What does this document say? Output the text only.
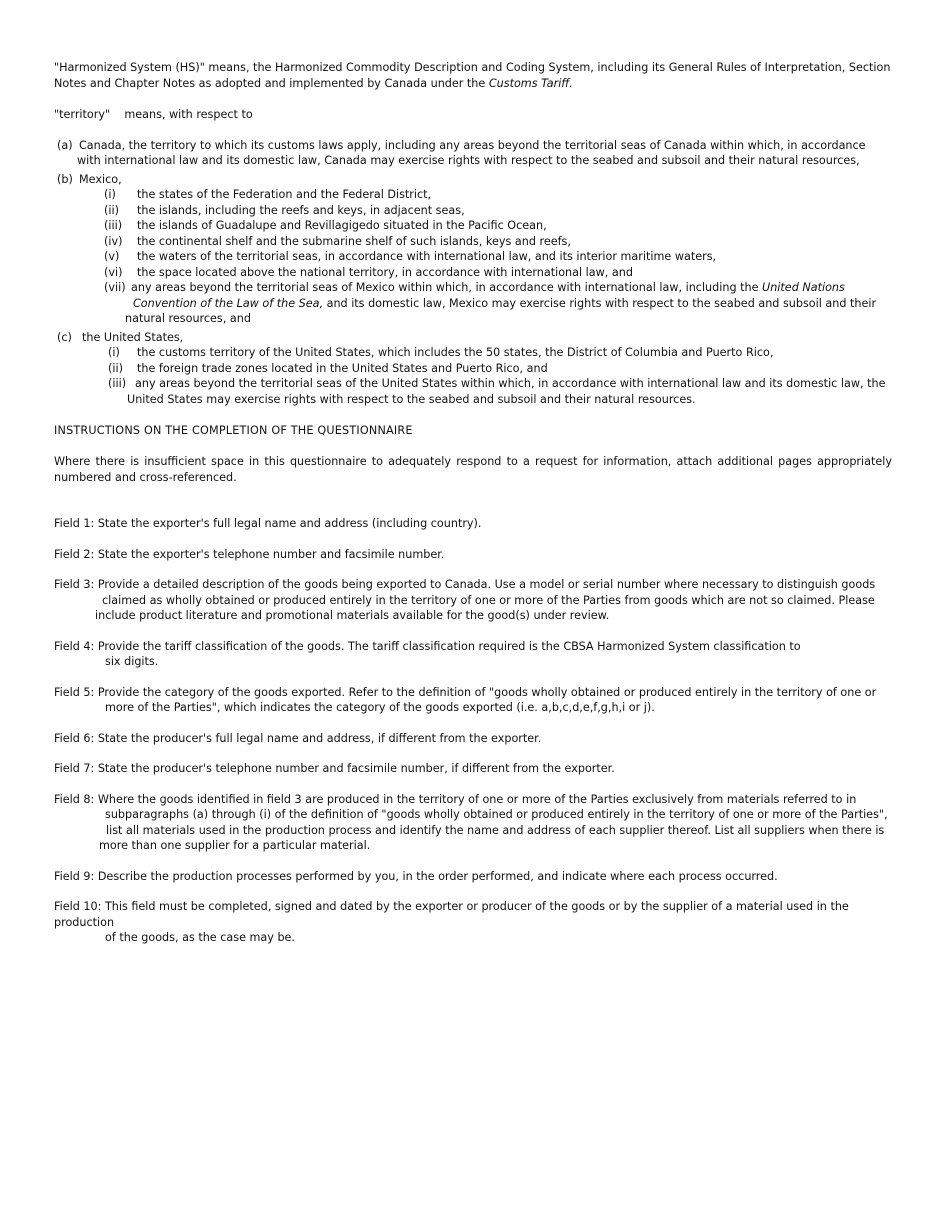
"Harmonized System (HS)" means, the Harmonized Commodity Description and Coding System, including its General Rules of Interpretation, Section Notes and Chapter Notes as adopted and implemented by Canada under the Customs Tariff.

"territory" means, with respect to

(a) Canada, the territory to which its customs laws apply, including any areas beyond the territorial seas of Canada within which, in accordance

with international law and its domestic law, Canada may exercise rights with respect to the seabed and subsoil and their natural resources,

(b) Mexico,

(i) the states of the Federation and the Federal District,

(ii) the islands, including the reefs and keys, in adjacent seas,

(iii) the islands of Guadalupe and Revillagigedo situated in the Pacific Ocean,

(iv) the continental shelf and the submarine shelf of such islands, keys and reefs,

(v) the waters of the territorial seas, in accordance with international law, and its interior maritime waters,

(vi) the space located above the national territory, in accordance with international law, and

(vii) any areas beyond the territorial seas of Mexico within which, in accordance with international law, including the United Nations

Convention of the Law of the Sea, and its domestic law, Mexico may exercise rights with respect to the seabed and subsoil and their

natural resources, and

(c) the United States,

(i) the customs territory of the United States, which includes the 50 states, the District of Columbia and Puerto Rico,

(ii) the foreign trade zones located in the United States and Puerto Rico, and

(iii) any areas beyond the territorial seas of the United States within which, in accordance with international law and its domestic law, the

United States may exercise rights with respect to the seabed and subsoil and their natural resources.

INSTRUCTIONS ON THE COMPLETION OF THE QUESTIONNAIRE

Where there is insufficient space in this questionnaire to adequately respond to a request for information, attach additional pages appropriately numbered and cross-referenced.

Field 1: State the exporter's full legal name and address (including country).

Field 2: State the exporter's telephone number and facsimile number.

Field 3: Provide a detailed description of the goods being exported to Canada. Use a model or serial number where necessary to distinguish goods

claimed as wholly obtained or produced entirely in the territory of one or more of the Parties from goods which are not so claimed. Please

include product literature and promotional materials available for the good(s) under review.

Field 4: Provide the tariff classification of the goods. The tariff classification required is the CBSA Harmonized System classification to

six digits.

Field 5: Provide the category of the goods exported. Refer to the definition of "goods wholly obtained or produced entirely in the territory of one or

more of the Parties", which indicates the category of the goods exported (i.e. a,b,c,d,e,f,g,h,i or j).

Field 6: State the producer's full legal name and address, if different from the exporter.

Field 7: State the producer's telephone number and facsimile number, if different from the exporter.

Field 8: Where the goods identified in field 3 are produced in the territory of one or more of the Parties exclusively from materials referred to in

subparagraphs (a) through (i) of the definition of "goods wholly obtained or produced entirely in the territory of one or more of the Parties",

list all materials used in the production process and identify the name and address of each supplier thereof. List all suppliers when there is

more than one supplier for a particular material.

Field 9: Describe the production processes performed by you, in the order performed, and indicate where each process occurred.

Field 10: This field must be completed, signed and dated by the exporter or producer of the goods or by the supplier of a material used in the production

of the goods, as the case may be.
